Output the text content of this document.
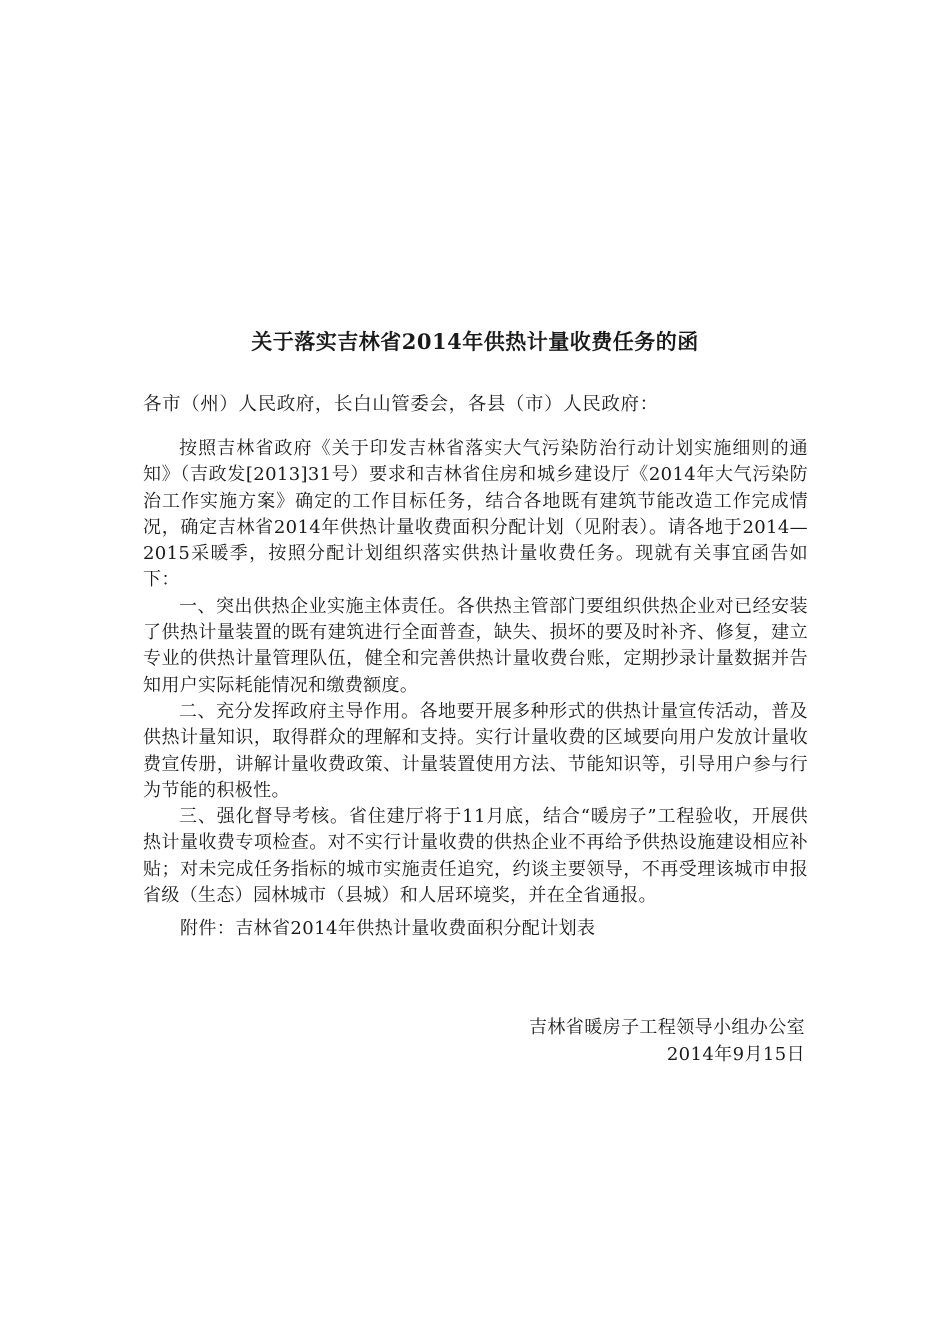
关于落实吉林省2014年供热计量收费任务的函
各市（州）人民政府，长白山管委会，各县（市）人民政府：

按照吉林省政府《关于印发吉林省落实大气污染防治行动计划实施细则的通知》（吉政发[2013]31号）要求和吉林省住房和城乡建设厅《2014年大气污染防治工作实施方案》确定的工作目标任务，结合各地既有建筑节能改造工作完成情况，确定吉林省2014年供热计量收费面积分配计划（见附表）。请各地于2014—2015采暖季，按照分配计划组织落实供热计量收费任务。现就有关事宜函告如下：

一、突出供热企业实施主体责任。各供热主管部门要组织供热企业对已经安装了供热计量装置的既有建筑进行全面普查，缺失、损坏的要及时补齐、修复，建立专业的供热计量管理队伍，健全和完善供热计量收费台账，定期抄录计量数据并告知用户实际耗能情况和缴费额度。

二、充分发挥政府主导作用。各地要开展多种形式的供热计量宣传活动，普及供热计量知识，取得群众的理解和支持。实行计量收费的区域要向用户发放计量收费宣传册，讲解计量收费政策、计量装置使用方法、节能知识等，引导用户参与行为节能的积极性。

三、强化督导考核。省住建厅将于11月底，结合“暖房子”工程验收，开展供热计量收费专项检查。对不实行计量收费的供热企业不再给予供热设施建设相应补贴；对未完成任务指标的城市实施责任追究，约谈主要领导，不再受理该城市申报省级（生态）园林城市（县城）和人居环境奖，并在全省通报。

附件：吉林省2014年供热计量收费面积分配计划表
吉林省暖房子工程领导小组办公室
2014年9月15日
